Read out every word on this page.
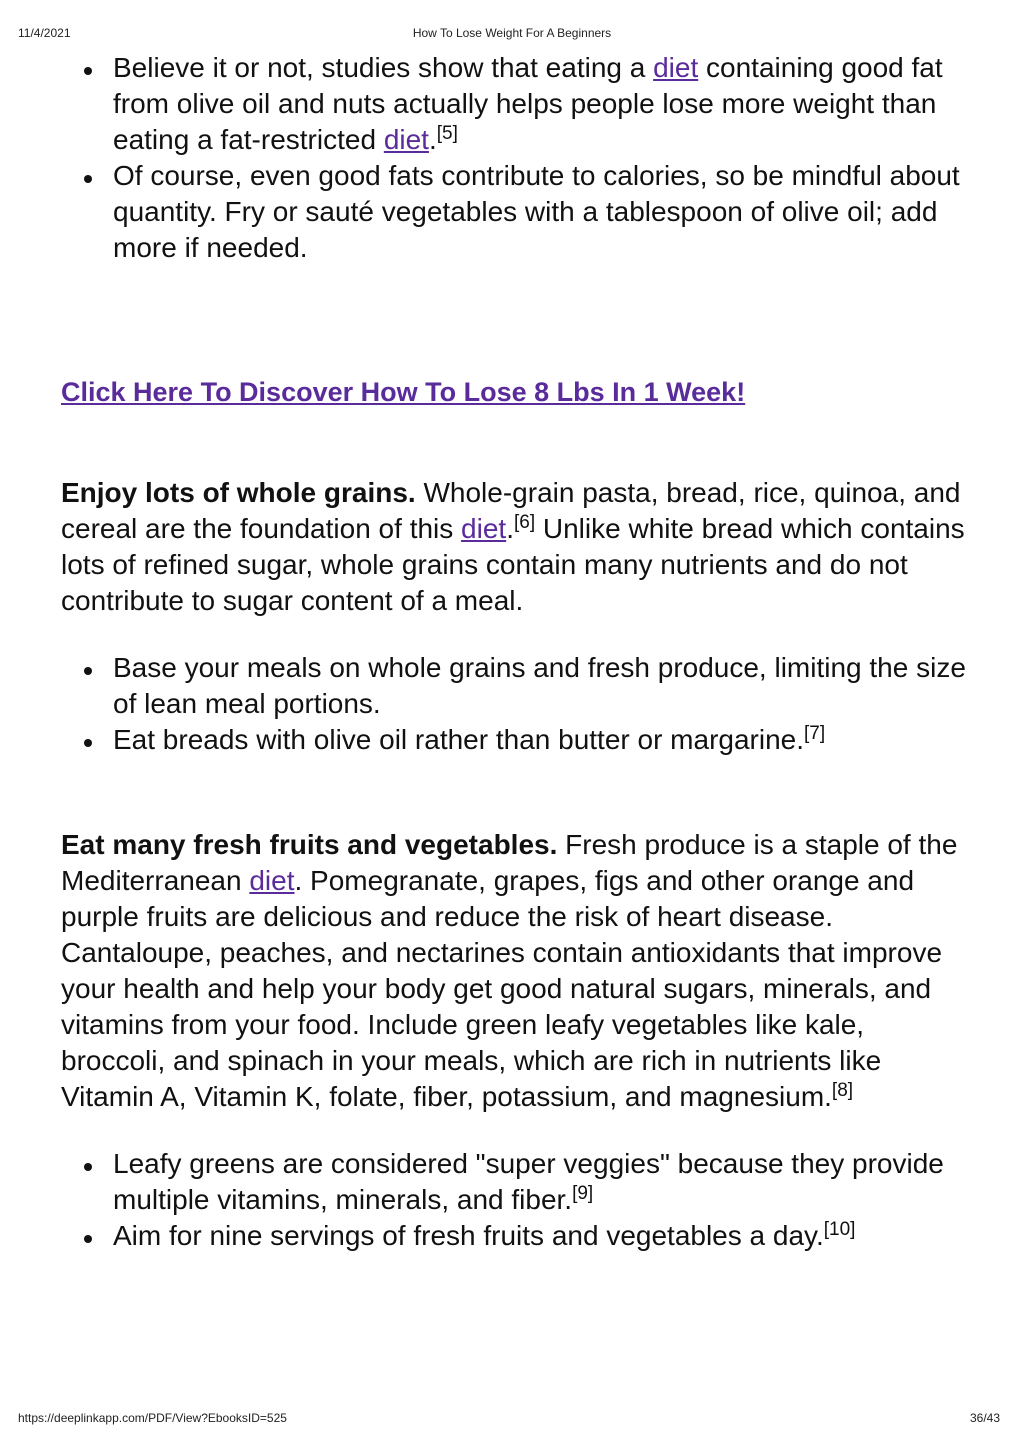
11/4/2021	How To Lose Weight For A Beginners
Believe it or not, studies show that eating a diet containing good fat from olive oil and nuts actually helps people lose more weight than eating a fat-restricted diet.[5]
Of course, even good fats contribute to calories, so be mindful about quantity. Fry or sauté vegetables with a tablespoon of olive oil; add more if needed.
Click Here To Discover How To Lose 8 Lbs In 1 Week!

Enjoy lots of whole grains. Whole-grain pasta, bread, rice, quinoa, and cereal are the foundation of this diet.[6] Unlike white bread which contains lots of refined sugar, whole grains contain many nutrients and do not contribute to sugar content of a meal.

Base your meals on whole grains and fresh produce, limiting the size of lean meal portions.
Eat breads with olive oil rather than butter or margarine.[7]

Eat many fresh fruits and vegetables. Fresh produce is a staple of the Mediterranean diet. Pomegranate, grapes, figs and other orange and purple fruits are delicious and reduce the risk of heart disease. Cantaloupe, peaches, and nectarines contain antioxidants that improve your health and help your body get good natural sugars, minerals, and vitamins from your food. Include green leafy vegetables like kale, broccoli, and spinach in your meals, which are rich in nutrients like Vitamin A, Vitamin K, folate, fiber, potassium, and magnesium.[8]

Leafy greens are considered "super veggies" because they provide multiple vitamins, minerals, and fiber.[9]
Aim for nine servings of fresh fruits and vegetables a day.[10]
https://deeplinkapp.com/PDF/View?EbooksID=525	36/43
